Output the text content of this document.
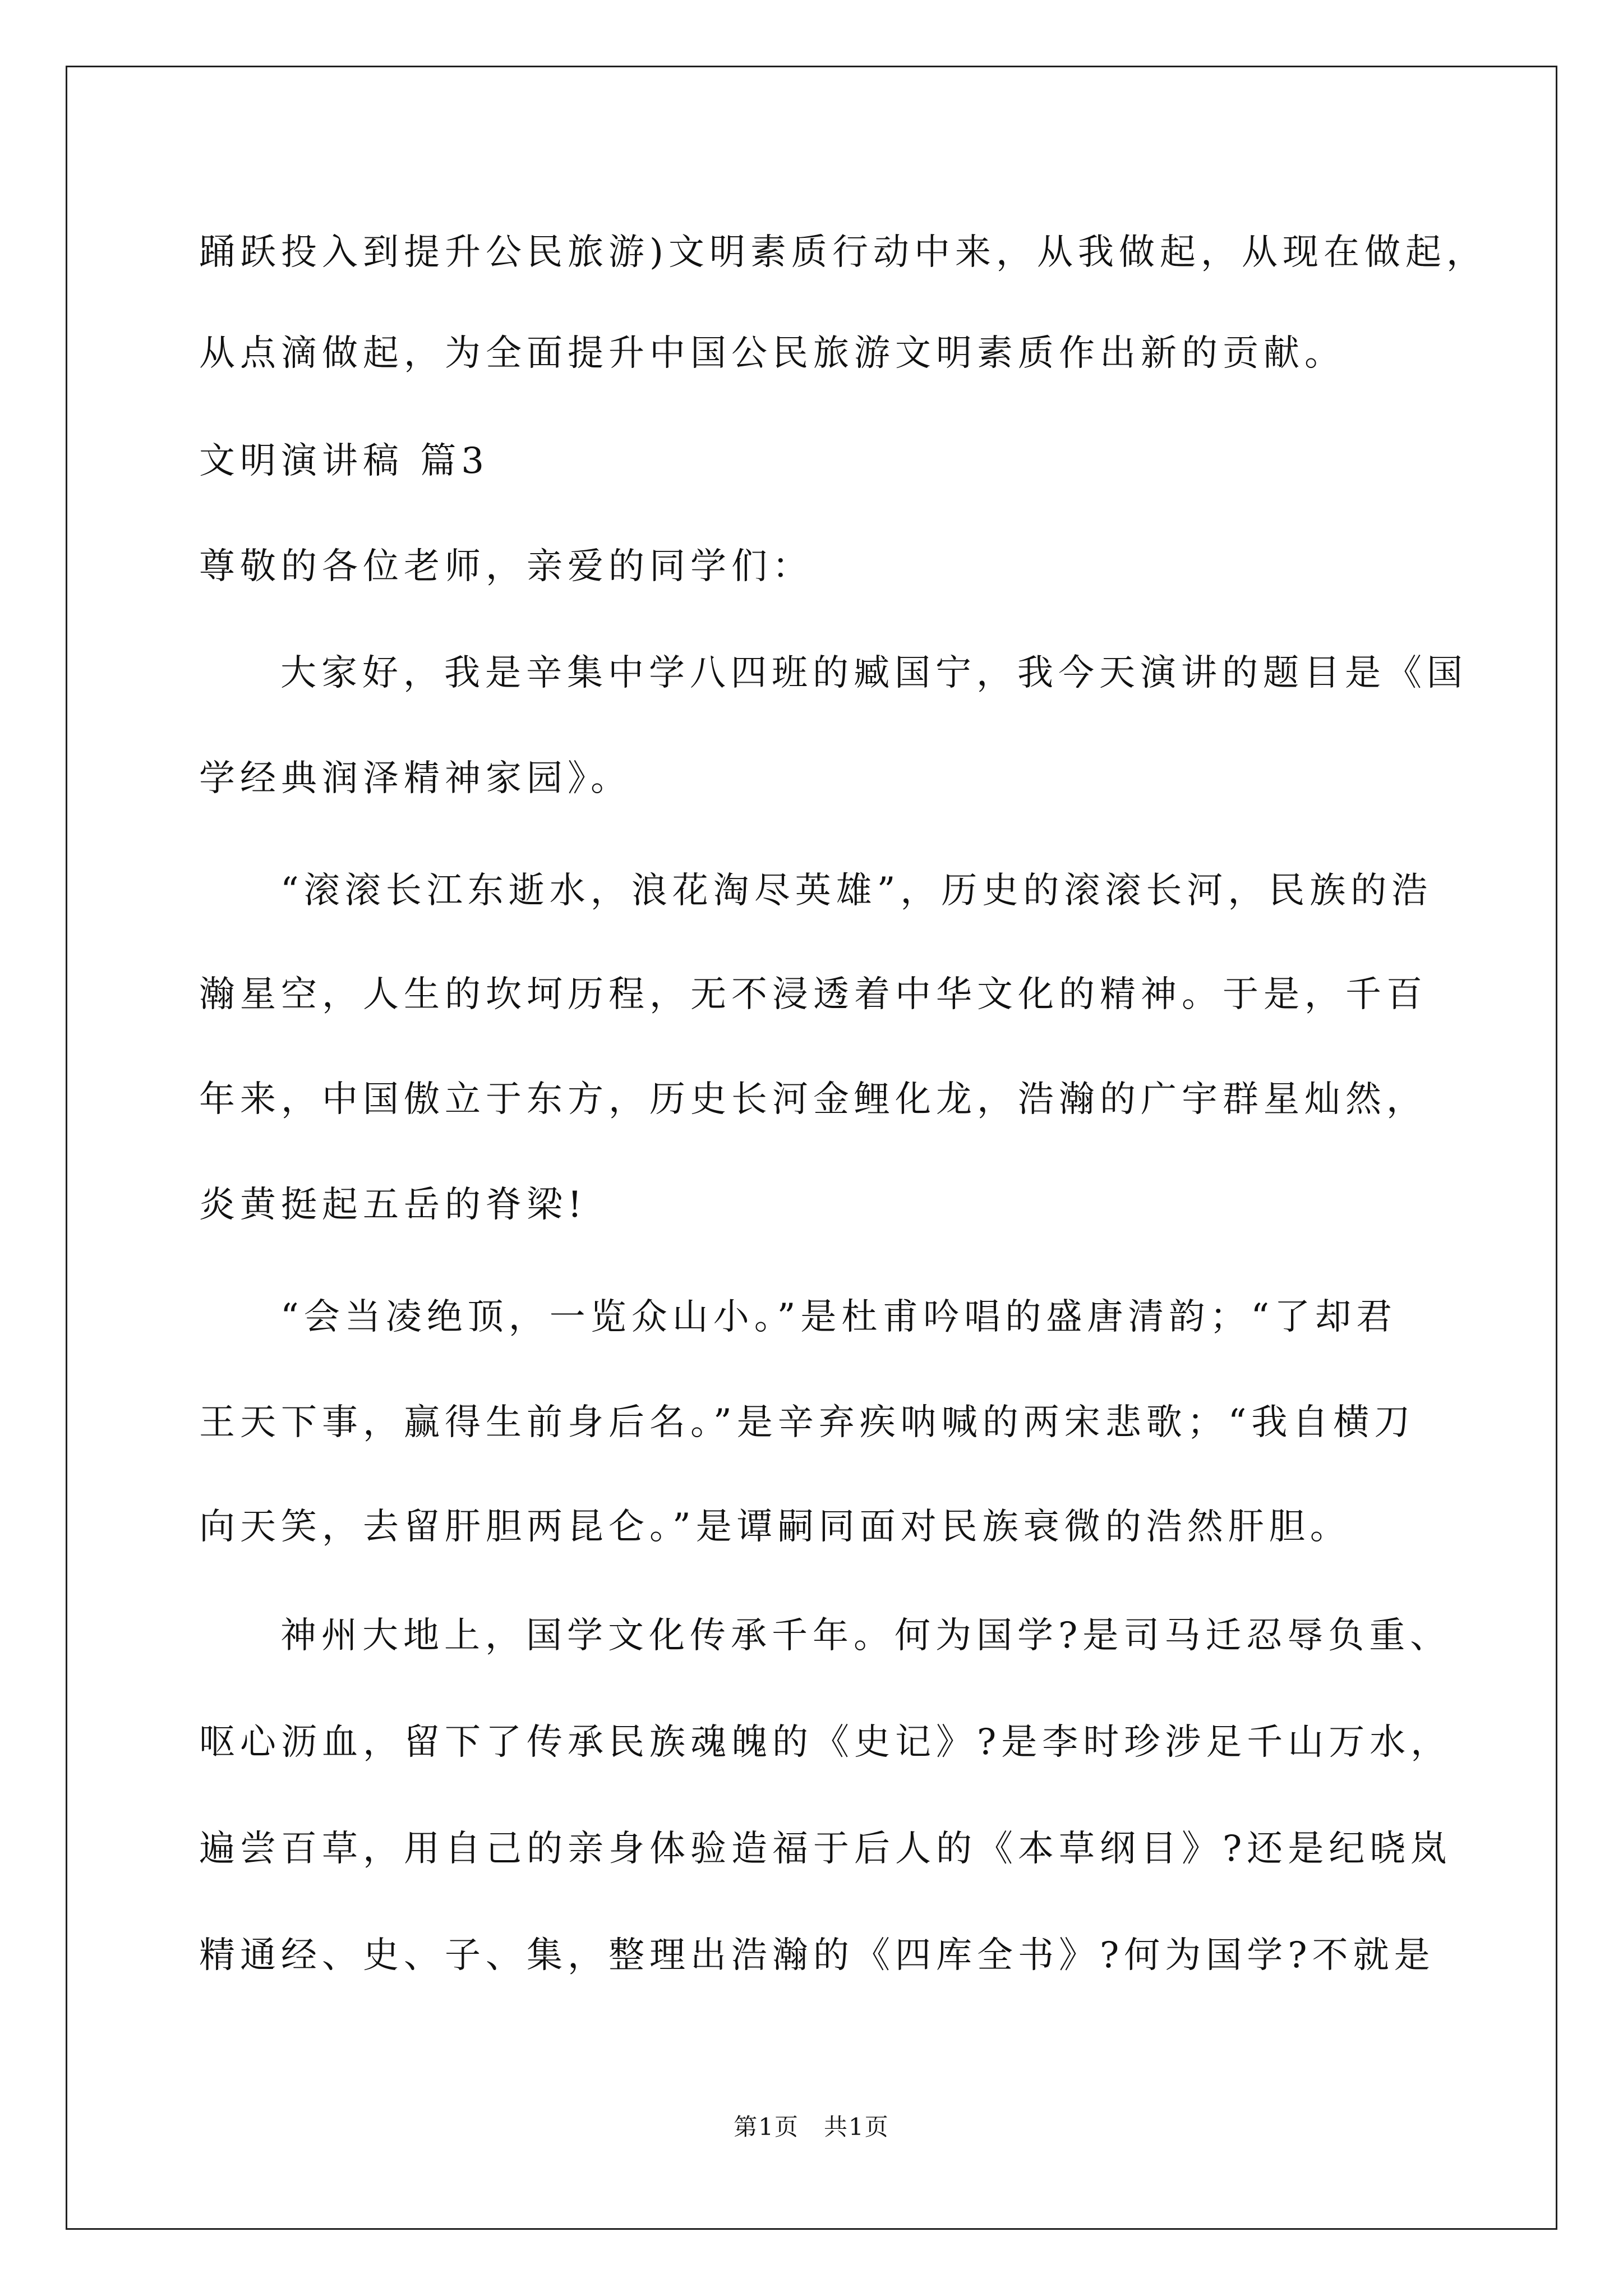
踊跃投入到提升公民旅游)文明素质行动中来，从我做起，从现在做起，

从点滴做起，为全面提升中国公民旅游文明素质作出新的贡献。

文明演讲稿 篇3

尊敬的各位老师，亲爱的同学们：

大家好，我是辛集中学八四班的臧国宁，我今天演讲的题目是《国

学经典润泽精神家园》。

“滚滚长江东逝水，浪花淘尽英雄”，历史的滚滚长河，民族的浩

瀚星空，人生的坎坷历程，无不浸透着中华文化的精神。于是，千百

年来，中国傲立于东方，历史长河金鲤化龙，浩瀚的广宇群星灿然，

炎黄挺起五岳的脊梁!

“会当凌绝顶，一览众山小。”是杜甫吟唱的盛唐清韵；“了却君

王天下事，赢得生前身后名。”是辛弃疾呐喊的两宋悲歌；“我自横刀

向天笑，去留肝胆两昆仑。”是谭嗣同面对民族衰微的浩然肝胆。

神州大地上，国学文化传承千年。何为国学?是司马迁忍辱负重、

呕心沥血，留下了传承民族魂魄的《史记》?是李时珍涉足千山万水，

遍尝百草，用自己的亲身体验造福于后人的《本草纲目》?还是纪晓岚

精通经、史、子、集，整理出浩瀚的《四库全书》?何为国学?不就是

第1页　共1页
